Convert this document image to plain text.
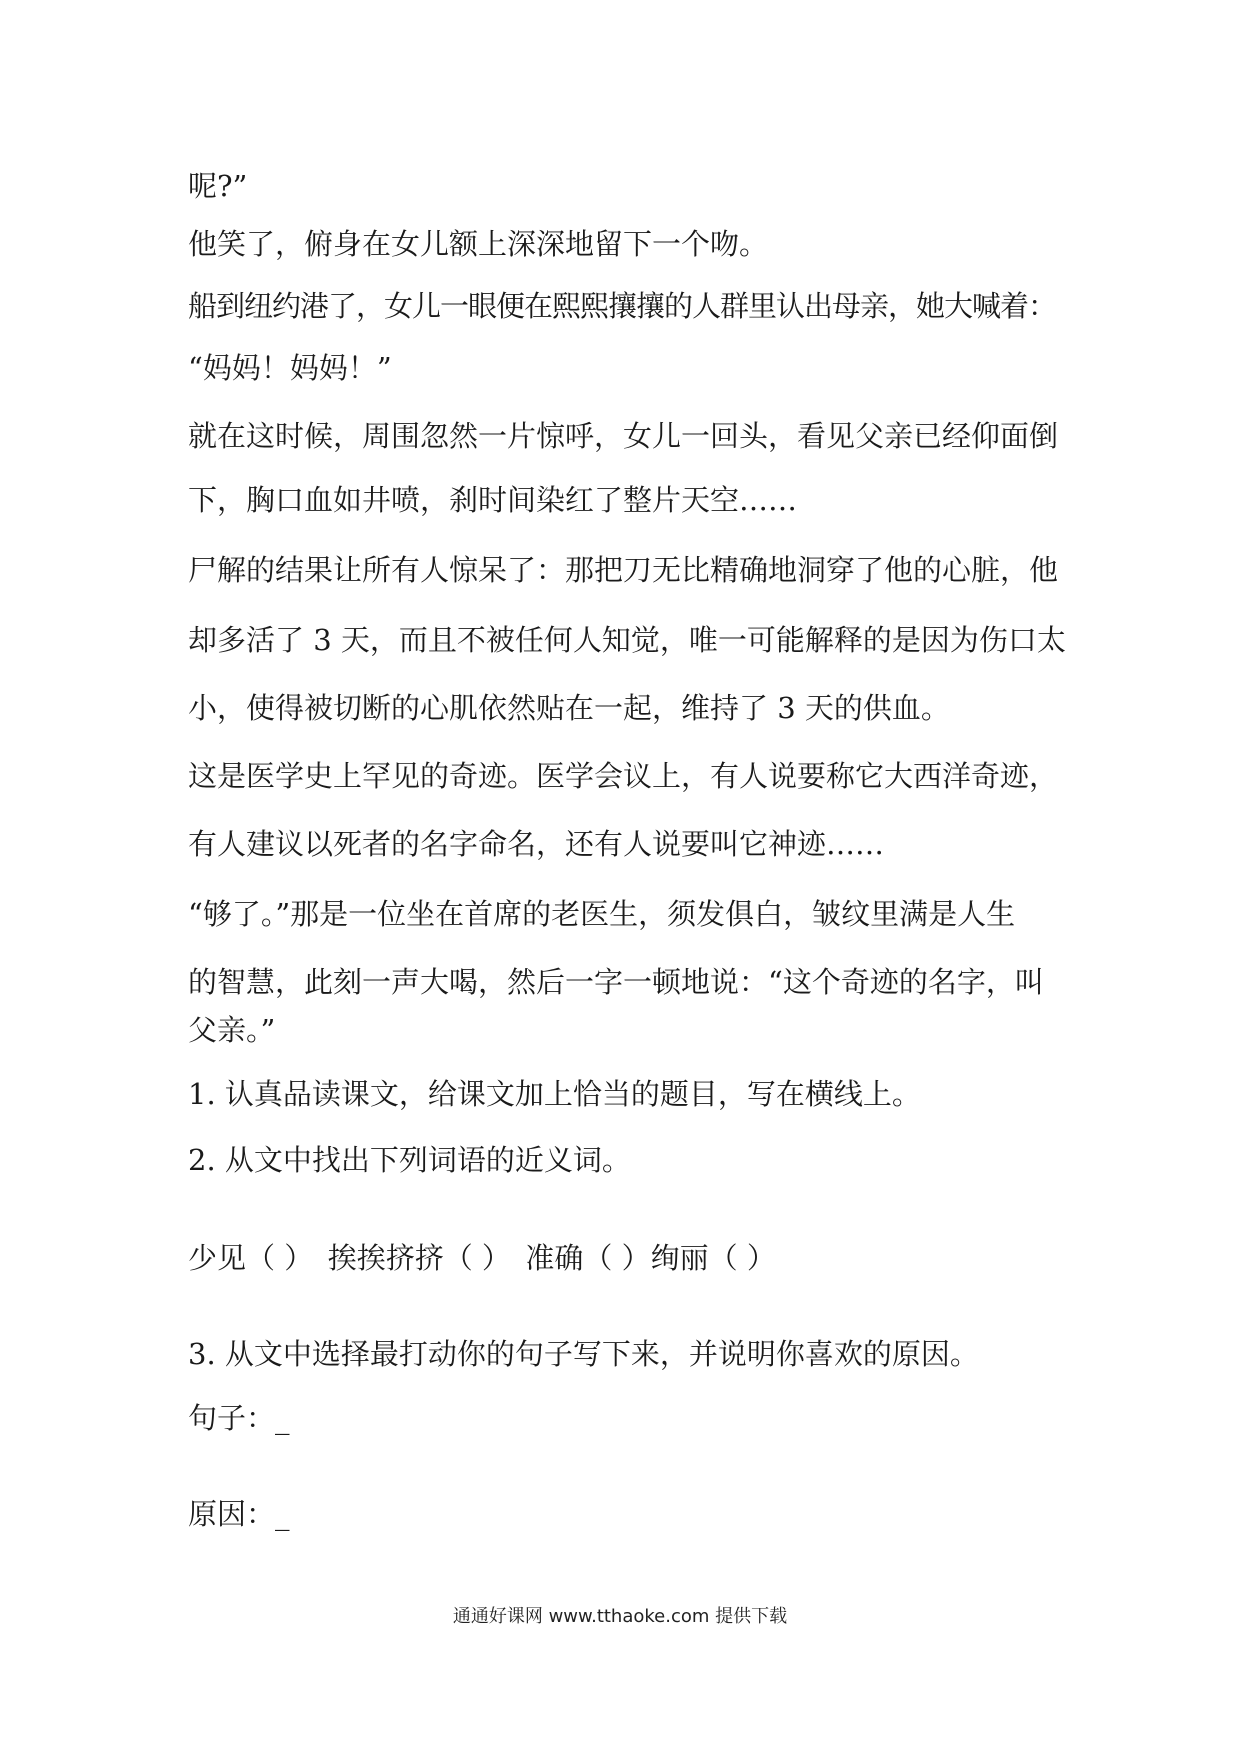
呢?”
他笑了，俯身在女儿额上深深地留下一个吻。
船到纽约港了，女儿一眼便在熙熙攘攘的人群里认出母亲，她大喊着：
“妈妈！妈妈！”
就在这时候，周围忽然一片惊呼，女儿一回头，看见父亲已经仰面倒
下，胸口血如井喷，刹时间染红了整片天空……
尸解的结果让所有人惊呆了：那把刀无比精确地洞穿了他的心脏，他
却多活了 3 天，而且不被任何人知觉，唯一可能解释的是因为伤口太
小，使得被切断的心肌依然贴在一起，维持了 3 天的供血。
这是医学史上罕见的奇迹。医学会议上，有人说要称它大西洋奇迹，
有人建议以死者的名字命名，还有人说要叫它神迹……
“够了。”那是一位坐在首席的老医生，须发俱白，皱纹里满是人生
的智慧，此刻一声大喝，然后一字一顿地说：“这个奇迹的名字，叫
父亲。”
1. 认真品读课文，给课文加上恰当的题目，写在横线上。
2. 从文中找出下列词语的近义词。
少见（ ）　挨挨挤挤（ ）　准确（ ）绚丽（ ）
3. 从文中选择最打动你的句子写下来，并说明你喜欢的原因。
句子：_
原因：_
通通好课网 www.tthaoke.com 提供下载
